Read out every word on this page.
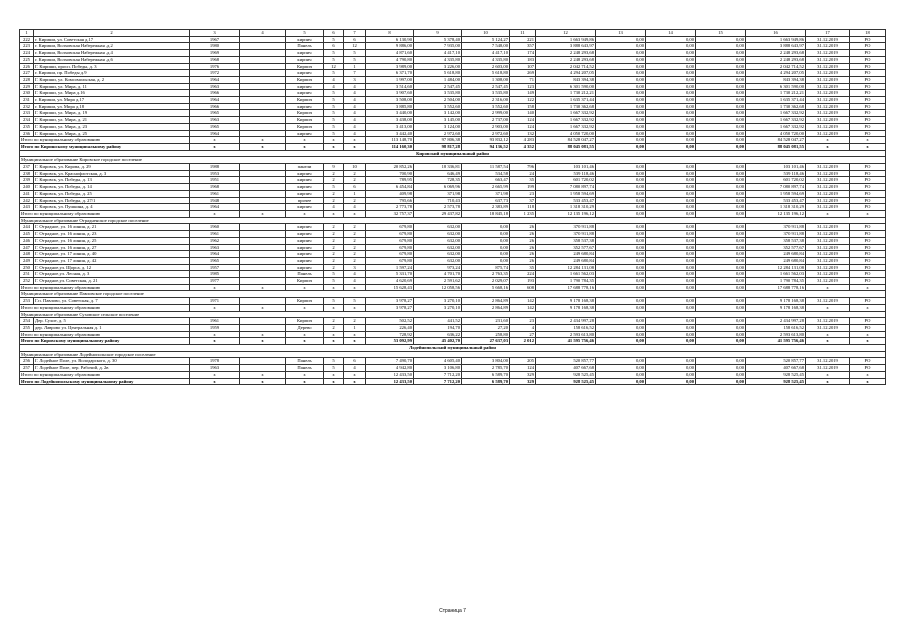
1	2	3	4	5	6	7	8	9	10	11	12	13	14	15	16	17	18
222	г. Кириши, ул. Советская д.17	1967		кирпич	5	6	6 130,90	5 378,40	5 124,27	221	1 663 949,86	0,00	0,00	0,00	1 663 949,86	31.12.2019	РО
223	г. Кириши, Волховская Набережная ,д.2	1980		Панель	6	12	9 886,00	7 935,00	7 548,00	357	3 888 643,97	0,00	0,00	0,00	3 888 643,97	31.12.2019	РО
224	г. Кириши, Волховская Набережная ,д.4	1969		кирпич	5	5	4 871,60	4 417,10	4 417,10	174	2 248 293,68	0,00	0,00	0,00	2 248 293,68	31.12.2019	РО
225	г. Кириши, Волховская Набережная ,д.6	1968		кирпич	5	5	4 790,80	4 335,80	4 335,80	183	2 248 293,68	0,00	0,00	0,00	2 248 293,68	31.12.2019	РО
226	Г. Кириши, просп. Победы, д. 3	1976		Кирпич	12	1	3 989,00	3 226,00	2 603,00	107	2 042 714,52	0,00	0,00	0,00	2 042 714,52	31.12.2019	РО
227	г. Кириши, пр. Победы д.9	1972		кирпич	5	7	6 371,70	5 618,80	5 618,80	269	4 294 207,05	0,00	0,00	0,00	4 294 207,05	31.12.2019	РО
228	Г. Кириши, ул. Комсомольская, д. 2	1964		Кирпич	4	3	1 997,00	1 484,00	1 308,00	71	843 394,38	0,00	0,00	0,00	843 394,38	31.12.2019	РО
229	Г. Кириши, ул. Мира, д. 11	1963		кирпич	4	4	3 514,60	2 547,45	2 547,45	123	6 301 590,00	0,00	0,00	0,00	6 301 590,00	31.12.2019	РО
230	Г. Кириши, ул. Мира д.16	1966		кирпич	5	4	3 907,60	3 535,80	3 535,80	149	1 730 212,21	0,00	0,00	0,00	1 730 212,21	31.12.2019	РО
231	г. Кириши, ул. Мира д.17	1964		Кирпич	5	4	3 508,00	2 504,00	2 316,00	122	1 635 371,44	0,00	0,00	0,00	1 635 371,44	31.12.2019	РО
232	г. Кириши, ул. Мира д.18	1966		кирпич	5	4	3 885,80	3 552,60	3 552,60	158	1 730 362,68	0,00	0,00	0,00	1 730 362,68	31.12.2019	РО
233	Г. Кириши, ул. Мира, д. 19	1965		Кирпич	5	4	3 440,00	3 142,00	2 999,00	140	1 667 332,92	0,00	0,00	0,00	1 667 332,92	31.12.2019	РО
234	Г. Кириши, ул. Мира, д. 21	1963		Кирпич	5	4	3 438,00	3 145,00	2 737,00	124	1 667 332,92	0,00	0,00	0,00	1 667 332,92	31.12.2019	РО
235	Г. Кириши, ул. Мира, д. 23	1965		Кирпич	5	4	3 413,00	3 124,00	2 903,00	124	1 667 332,92	0,00	0,00	0,00	1 667 332,92	31.12.2019	РО
236	Г. Кириши, ул. Мира, д. 25	1964		кирпич	5	4	3 442,40	2 972,60	2 972,60	132	4 050 720,00	0,00	0,00	0,00	4 050 720,00	31.12.2019	РО
Итого по муниципальному образованию		x	x	x	x	x	113 148,70	97 806,38	93 832,12	4 283	84 528 047,27	0,00	0,00	0,00	84 528 047,27	x	x
Итого по Киришскому муниципальному району		x	x	x	x	x	114 160,30	98 817,28	94 136,52	4 352	88 045 081,55	0,00	0,00	0,00	88 045 081,55	x	x
Кировский муниципальный район																	
Муниципальное образование Кировское городское поселение																	
237	Г. Кировск, ул. Кирова, д. 29	1988		панели	9	10	20 852,26	18 336,81	11 587,54	796	103 101,46	0,00	0,00	0,00	103 101,46	31.12.2019	РО
238	Г. Кировск, ул. Краснофлотская, д. 3	1953		кирпич	2	2	700,90	646,49	534,58	24	539 118,46	0,00	0,00	0,00	539 118,46	31.12.2019	РО
239	Г. Кировск, ул. Победы, д. 13	1951		кирпич	2	2	789,95	728,35	663,47	35	601 720,02	0,00	0,00	0,00	601 720,02	31.12.2019	РО
240	Г. Кировск, ул. Победы, д. 14	1968		кирпич	5	6	6 454,84	6 069,96	2 665,99	199	7 080 897,74	0,00	0,00	0,00	7 080 897,74	31.12.2019	РО
241	Г. Кировск, ул. Победы, д. 25	1961		кирпич	2	1	409,98	371,98	371,98	23	1 958 594,69	0,00	0,00	0,00	1 958 594,69	31.12.2019	РО
242	Г. Кировск, ул. Победы, д. 27/1	1948		прочее	2	2	795,66	710,43	637,73	37	533 453,47	0,00	0,00	0,00	533 453,47	31.12.2019	РО
243	Г. Кировск, ул. Пушкина, д. 4	1964		кирпич	4	4	2 773,78	2 573,78	2 383,89	118	1 318 310,29	0,00	0,00	0,00	1 318 310,29	31.12.2019	РО
Итого по муниципальному образованию		x	x	x	x	x	32 757,37	29 437,82	18 845,18	1 235	12 135 196,12	0,00	0,00	0,00	12 135 196,12	x	x
Муниципальное образование Отрадненское городское поселение																	
244	Г. Отрадное, ул. 16 линия, д. 21	1960		кирпич	2	2	679,80	632,00	0,00	26	370 911,88	0,00	0,00	0,00	370 911,88	31.12.2019	РО
245	Г. Отрадное, ул. 16 линия, д. 23	1961		кирпич	2	2	679,80	632,00	0,00	26	370 911,88	0,00	0,00	0,00	370 911,88	31.12.2019	РО
246	Г. Отрадное, ул. 16 линия, д. 25	1962		кирпич	2	2	679,80	632,00	0,00	26	358 537,38	0,00	0,00	0,00	358 537,38	31.12.2019	РО
247	Г. Отрадное, ул. 16 линия, д. 27	1963		кирпич	2	2	679,80	632,00	0,00	26	352 577,67	0,00	0,00	0,00	352 577,67	31.12.2019	РО
248	Г. Отрадное, ул. 17 линия, д. 40	1964		кирпич	2	2	679,80	632,00	0,00	26	249 680,84	0,00	0,00	0,00	249 680,84	31.12.2019	РО
249	Г. Отрадное, ул. 17 линия, д. 42	1965		кирпич	2	2	679,80	632,00	0,00	26	249 680,84	0,00	0,00	0,00	249 680,84	31.12.2019	РО
250	Г. Отрадное,ул. Щорса, д. 12	1957		кирпич	2	3	1 597,24	973,24	875,74	35	12 284 131,08	0,00	0,00	0,00	12 284 131,08	31.12.2019	РО
251	Г. Отрадное,ул. Лесная, д. 3	1985		Панель	5	4	5 331,70	4 701,70	2 763,35	224	1 661 562,03	0,00	0,00	0,00	1 661 562,03	31.12.2019	РО
252	Г. Отрадное,ул. Советская, д. 21	1977		Кирпич	5	4	4 620,69	2 591,62	2 029,07	193	1 790 784,35	0,00	0,00	0,00	1 790 784,35	31.12.2019	РО
Итого по муниципальному образованию		x	x	x	x	x	15 628,43	12 058,56	5 668,16	608	17 688 778,16	0,00	0,00	0,00	17 688 778,16	x	x
Муниципальное образование Павловское городское поселение																	
253	Г.п. Павлово, ул. Советская, д. 7	1971		Кирпич	5	5	3 978,27	3 270,10	2 864,89	142	9 178 168,38	0,00	0,00	0,00	9 178 168,38	31.12.2019	РО
Итого по муниципальному образованию		x	x	x	x	x	3 978,27	3 270,10	2 864,89	142	9 178 168,38	0,00	0,00	0,00	9 178 168,38	x	x
Муниципальное образование Суховское сельское поселение																	
254	Дер. Сухое, д. 5	1961		Кирпич	2	2	502,52	441,52	231,60	23	2 434 997,28	0,00	0,00	0,00	2 434 997,28	31.12.2019	РО
255	дер. Лаврово ул. Центральная д. 1	1959		Дерево	2	1	226,40	194,70	27,20	4	158 616,52	0,00	0,00	0,00	158 616,52	31.12.2019	РО
Итого по муниципальному образованию		x	x	x	x	x	728,92	636,22	258,80	27	2 593 613,80	0,00	0,00	0,00	2 593 613,80	x	x
Итого по Кировскому муниципальному району		x	x	x	x	x	53 092,99	45 402,70	27 637,03	2 012	41 595 756,46	0,00	0,00	0,00	41 595 756,46	x	x
Лодейнопольский муниципальный район																	
Муниципальное образование Лодейнопольское городское поселение																	
256	Г. Лодейное Поле, ул. Володарского, д. 30	1978		Панель	5	6	7 490,70	4 605,40	3 804,00	205	520 857,77	0,00	0,00	0,00	520 857,77	31.12.2019	РО
257	Г. Лодейное Поле, пер. Рабочий, д. 2в	1963		Панель	5	4	4 942,80	3 106,80	2 785,70	124	407 667,68	0,00	0,00	0,00	407 667,68	31.12.2019	РО
Итого по муниципальному образованию		x	x	x	x	x	12 433,50	7 712,20	6 589,70	329	928 525,45	0,00	0,00	0,00	928 525,45	x	x
Итого по Лодейнопольскому муниципальному району		x	x	x	x	x	12 433,50	7 712,20	6 589,70	329	928 525,45	0,00	0,00	0,00	928 525,45	x	x
Страница 7
